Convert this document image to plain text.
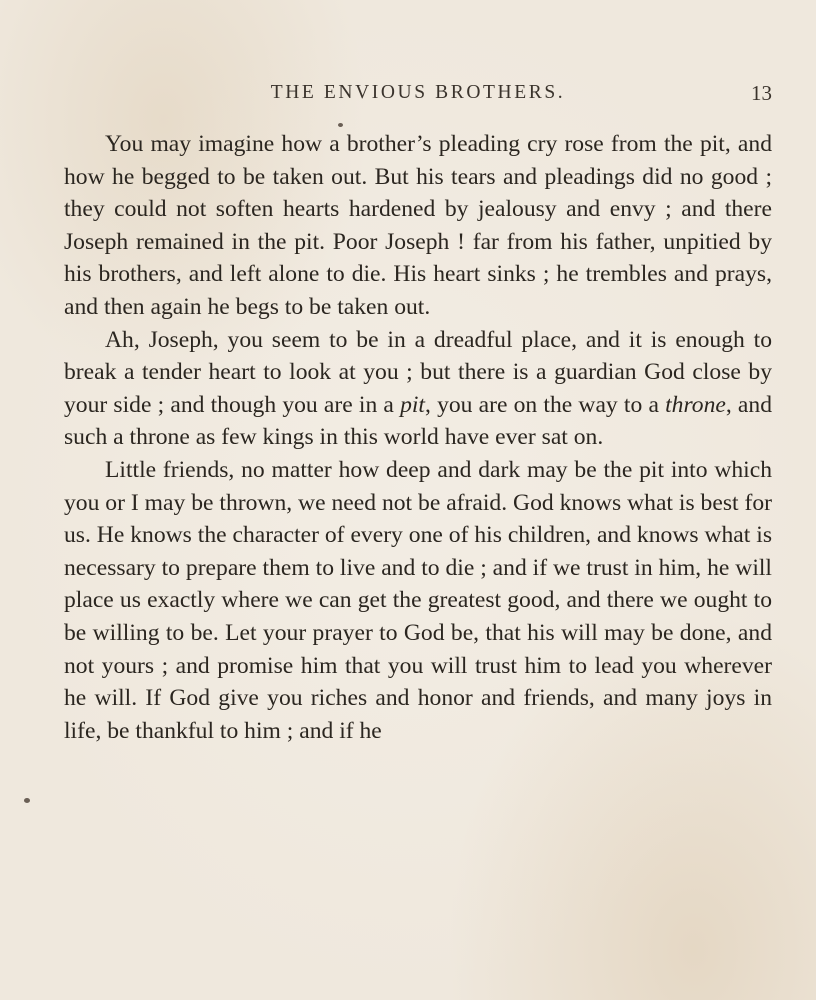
THE ENVIOUS BROTHERS.	13

You may imagine how a brother’s pleading cry rose from the pit, and how he begged to be taken out. But his tears and pleadings did no good ; they could not soften hearts hardened by jealousy and envy ; and there Joseph remained in the pit. Poor Joseph ! far from his father, unpitied by his brothers, and left alone to die. His heart sinks ; he trembles and prays, and then again he begs to be taken out.

Ah, Joseph, you seem to be in a dreadful place, and it is enough to break a tender heart to look at you ; but there is a guardian God close by your side ; and though you are in a pit, you are on the way to a throne, and such a throne as few kings in this world have ever sat on.

Little friends, no matter how deep and dark may be the pit into which you or I may be thrown, we need not be afraid. God knows what is best for us. He knows the character of every one of his children, and knows what is necessary to prepare them to live and to die ; and if we trust in him, he will place us exactly where we can get the greatest good, and there we ought to be willing to be. Let your prayer to God be, that his will may be done, and not yours ; and promise him that you will trust him to lead you wherever he will. If God give you riches and honor and friends, and many joys in life, be thankful to him ; and if he
